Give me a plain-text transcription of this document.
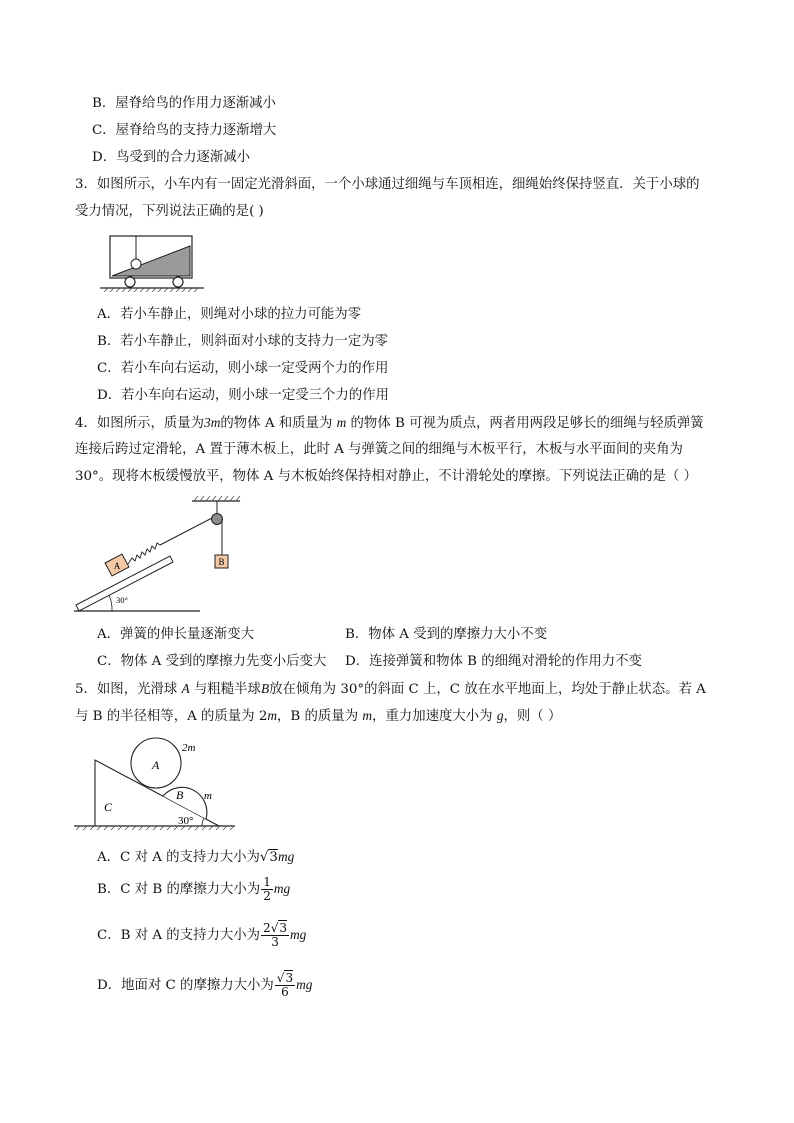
B．屋脊给鸟的作用力逐渐减小
C．屋脊给鸟的支持力逐渐增大
D．鸟受到的合力逐渐减小
3．如图所示，小车内有一固定光滑斜面，一个小球通过细绳与车顶相连，细绳始终保持竖直．关于小球的
受力情况，下列说法正确的是( )
A．若小车静止，则绳对小球的拉力可能为零
B．若小车静止，则斜面对小球的支持力一定为零
C．若小车向右运动，则小球一定受两个力的作用
D．若小车向右运动，则小球一定受三个力的作用
4．如图所示，质量为3m的物体 A 和质量为 m 的物体 B 可视为质点，两者用两段足够长的细绳与轻质弹簧
连接后跨过定滑轮，A 置于薄木板上，此时 A 与弹簧之间的细绳与木板平行，木板与水平面间的夹角为
30°。现将木板缓慢放平，物体 A 与木板始终保持相对静止，不计滑轮处的摩擦。下列说法正确的是（ ）
B
A
30°
A．弹簧的伸长量逐渐变大	B．物体 A 受到的摩擦力大小不变
C．物体 A 受到的摩擦力先变小后变大 D．连接弹簧和物体 B 的细绳对滑轮的作用力不变
5．如图，光滑球 A 与粗糙半球B放在倾角为 30°的斜面 C 上，C 放在水平地面上，均处于静止状态。若 A
与 B 的半径相等，A 的质量为 2m，B 的质量为 m，重力加速度大小为 g，则（ ）
C
A
2m
B m
30°
A．C 对 A 的支持力大小为√3mg
B．C 对 B 的摩擦力大小为 $\frac{1}{2}$ mg
C．B 对 A 的支持力大小为 $\frac{2√3}{3}$ mg
D．地面对 C 的摩擦力大小为 $\frac{√3}{6}$ mg
